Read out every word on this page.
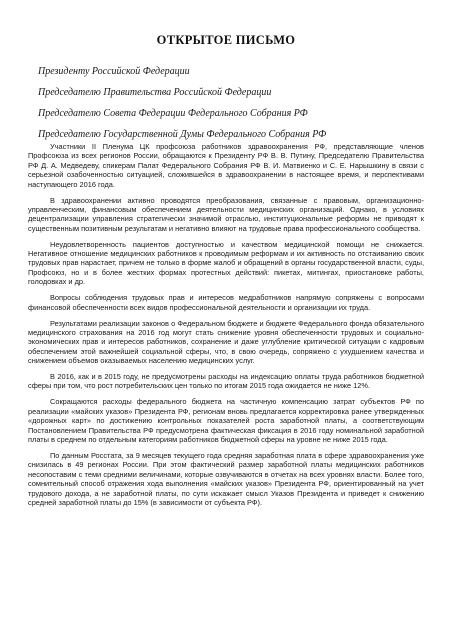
ОТКРЫТОЕ ПИСЬМО
Президенту Российской Федерации
Председателю Правительства Российской Федерации
Председателю Совета Федерации Федерального Собрания РФ
Председателю Государственной Думы Федерального Собрания РФ

Участники II Пленума ЦК профсоюза работников здравоохранения РФ, представляющие членов Профсоюза из всех регионов России, обращаются к Президенту РФ В. В. Путину, Председателю Правительства РФ Д. А. Медведеву, спикерам Палат Федерального Собрания РФ В. И. Матвиенко и С. Е. Нарышкину в связи с серьезной озабоченностью ситуацией, сложившейся в здравоохранении в настоящее время, и перспективами наступающего 2016 года.

В здравоохранении активно проводятся преобразования, связанные с правовым, организационно-управленческим, финансовым обеспечением деятельности медицинских организаций. Однако, в условиях децентрализации управления стратегически значимой отраслью, институциональные реформы не приводят к существенным позитивным результатам и негативно влияют на трудовые права профессионального сообщества.

Неудовлетворенность пациентов доступностью и качеством медицинской помощи не снижается. Негативное отношение медицинских работников к проводимым реформам и их активность по отстаиванию своих трудовых прав нарастает, причем не только в форме жалоб и обращений в органы государственной власти, суды, Профсоюз, но и в более жестких формах протестных действий: пикетах, митингах, приостановке работы, голодовках и др.

Вопросы соблюдения трудовых прав и интересов медработников напрямую сопряжены с вопросами финансовой обеспеченности всех видов профессиональной деятельности и организации их труда.

Результатами реализации законов о Федеральном бюджете и бюджете Федерального фонда обязательного медицинского страхования на 2016 год могут стать снижение уровня обеспеченности трудовых и социально-экономических прав и интересов работников, сохранение и даже углубление критической ситуации с кадровым обеспечением этой важнейшей социальной сферы, что, в свою очередь, сопряжено с ухудшением качества и снижением объемов оказываемых населению медицинских услуг.

В 2016, как и в 2015 году, не предусмотрены расходы на индексацию оплаты труда работников бюджетной сферы при том, что рост потребительских цен только по итогам 2015 года ожидается не ниже 12%.

Сокращаются расходы федерального бюджета на частичную компенсацию затрат субъектов РФ по реализации «майских указов» Президента РФ, регионам вновь предлагается корректировка ранее утвержденных «дорожных карт» по достижению контрольных показателей роста заработной платы, а соответствующим Постановлением Правительства РФ предусмотрена фактическая фиксация в 2016 году номинальной заработной платы в среднем по отдельным категориям работников бюджетной сферы на уровне не ниже 2015 года.

По данным Росстата, за 9 месяцев текущего года средняя заработная плата в сфере здравоохранения уже снизилась в 49 регионах России. При этом фактический размер заработной платы медицинских работников несопоставим с теми средними величинами, которые озвучиваются в отчетах на всех уровнях власти. Более того, сомнительный способ отражения хода выполнения «майских указов» Президента РФ, ориентированный на учет трудового дохода, а не заработной платы, по сути искажает смысл Указов Президента и приведет к снижению средней заработной платы до 15% (в зависимости от субъекта РФ).
